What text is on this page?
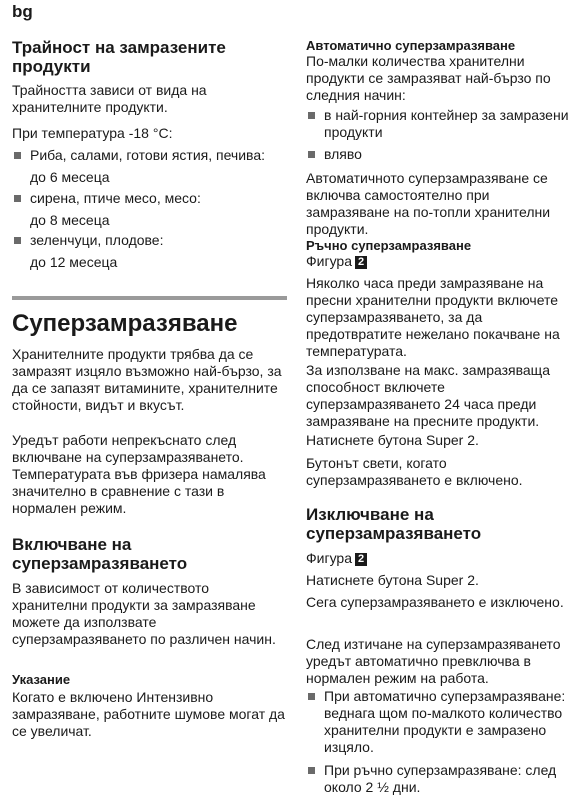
bg
Трайност на замразените продукти

Трайността зависи от вида на хранителните продукти.

При температура -18 °C:

Риба, салами, готови ястия, печива:
до 6 месеца
сирена, птиче месо, месо:
до 8 месеца
зеленчуци, плодове:
до 12 месеца
Суперзамразяване

Хранителните продукти трябва да се замразят изцяло възможно най-бързо, за да се запазят витамините, хранителните стойности, видът и вкусът.

Уредът работи непрекъснато след включване на суперзамразяването. Температурата във фризера намалява значително в сравнение с тази в нормален режим.

Включване на суперзамразяването

В зависимост от количеството хранителни продукти за замразяване можете да използвате суперзамразяването по различен начин.

Указание

Когато е включено Интензивно замразяване, работните шумове могат да се увеличат.

Автоматично суперзамразяване

По-малки количества хранителни продукти се замразяват най-бързо по следния начин:

в най-горния контейнер за замразени продукти
вляво

Автоматичното суперзамразяване се включва самостоятелно при замразяване на по-топли хранителни продукти.

Ръчно суперзамразяване

Фигура 2

Няколко часа преди замразяване на пресни хранителни продукти включете суперзамразяването, за да предотвратите нежелано покачване на температурата.

За използване на макс. замразяваща способност включете суперзамразяването 24 часа преди замразяване на пресните продукти.

Натиснете бутона Super 2.

Бутонът свети, когато суперзамразяването е включено.

Изключване на суперзамразяването

Фигура 2

Натиснете бутона Super 2.

Сега суперзамразяването е изключено.

След изтичане на суперзамразяването уредът автоматично превключва в нормален режим на работа.

При автоматично суперзамразяване: веднага щом по-малкото количество хранителни продукти е замразено изцяло.
При ръчно суперзамразяване: след около 2 ½ дни.
